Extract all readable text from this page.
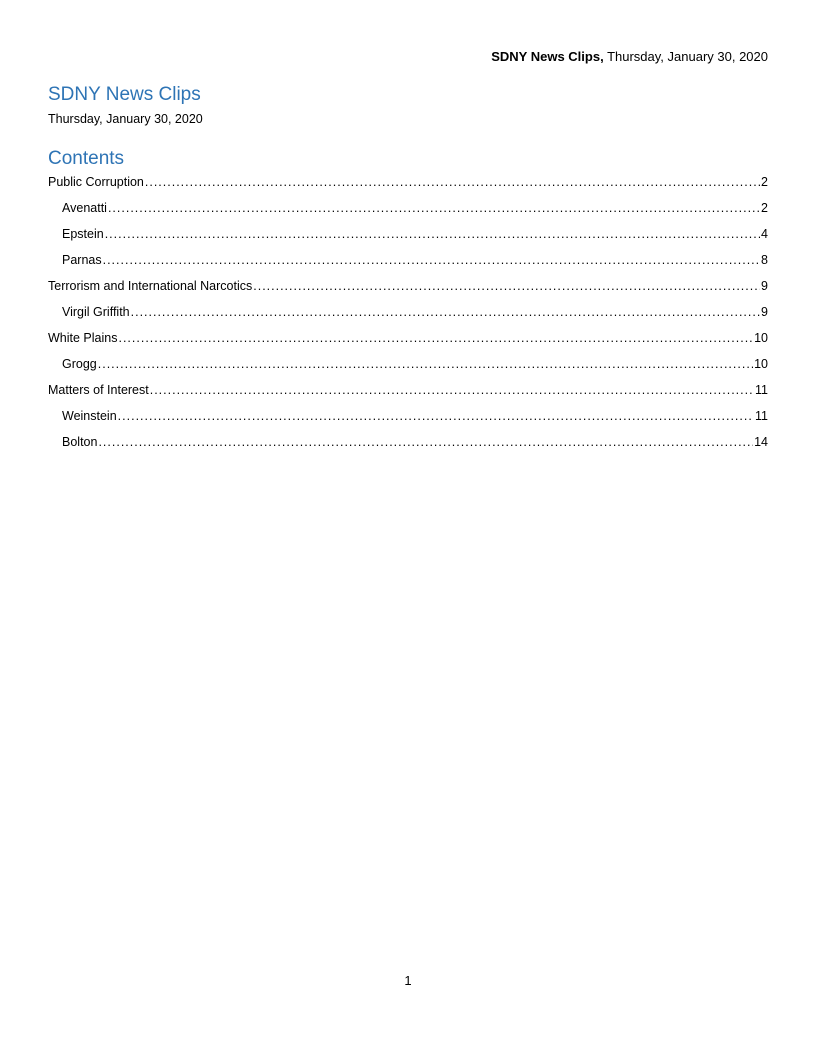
SDNY News Clips, Thursday, January 30, 2020
SDNY News Clips
Thursday, January 30, 2020
Contents
Public Corruption .....	2
Avenatti .....	2
Epstein .....	4
Parnas .....	8
Terrorism and International Narcotics .....	9
Virgil Griffith .....	9
White Plains .....	10
Grogg .....	10
Matters of Interest .....	11
Weinstein .....	11
Bolton .....	14
1
